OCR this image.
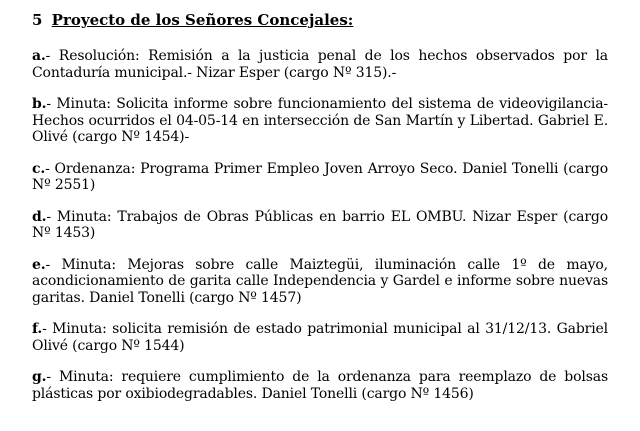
5 Proyecto de los Señores Concejales:

a.- Resolución: Remisión a la justicia penal de los hechos observados por la Contaduría municipal.- Nizar Esper (cargo Nº 315).-

b.- Minuta: Solicita informe sobre funcionamiento del sistema de videovigilancia- Hechos ocurridos el 04-05-14 en intersección de San Martín y Libertad. Gabriel E. Olivé (cargo Nº 1454)-

c.- Ordenanza: Programa Primer Empleo Joven Arroyo Seco. Daniel Tonelli (cargo Nº 2551)

d.- Minuta: Trabajos de Obras Públicas en barrio EL OMBU. Nizar Esper (cargo Nº 1453)

e.- Minuta: Mejoras sobre calle Maiztegüi, iluminación calle 1º de mayo, acondicionamiento de garita calle Independencia y Gardel e informe sobre nuevas garitas. Daniel Tonelli (cargo Nº 1457)

f.- Minuta: solicita remisión de estado patrimonial municipal al 31/12/13. Gabriel Olivé (cargo Nº 1544)

g.- Minuta: requiere cumplimiento de la ordenanza para reemplazo de bolsas plásticas por oxibiodegradables. Daniel Tonelli (cargo Nº 1456)
